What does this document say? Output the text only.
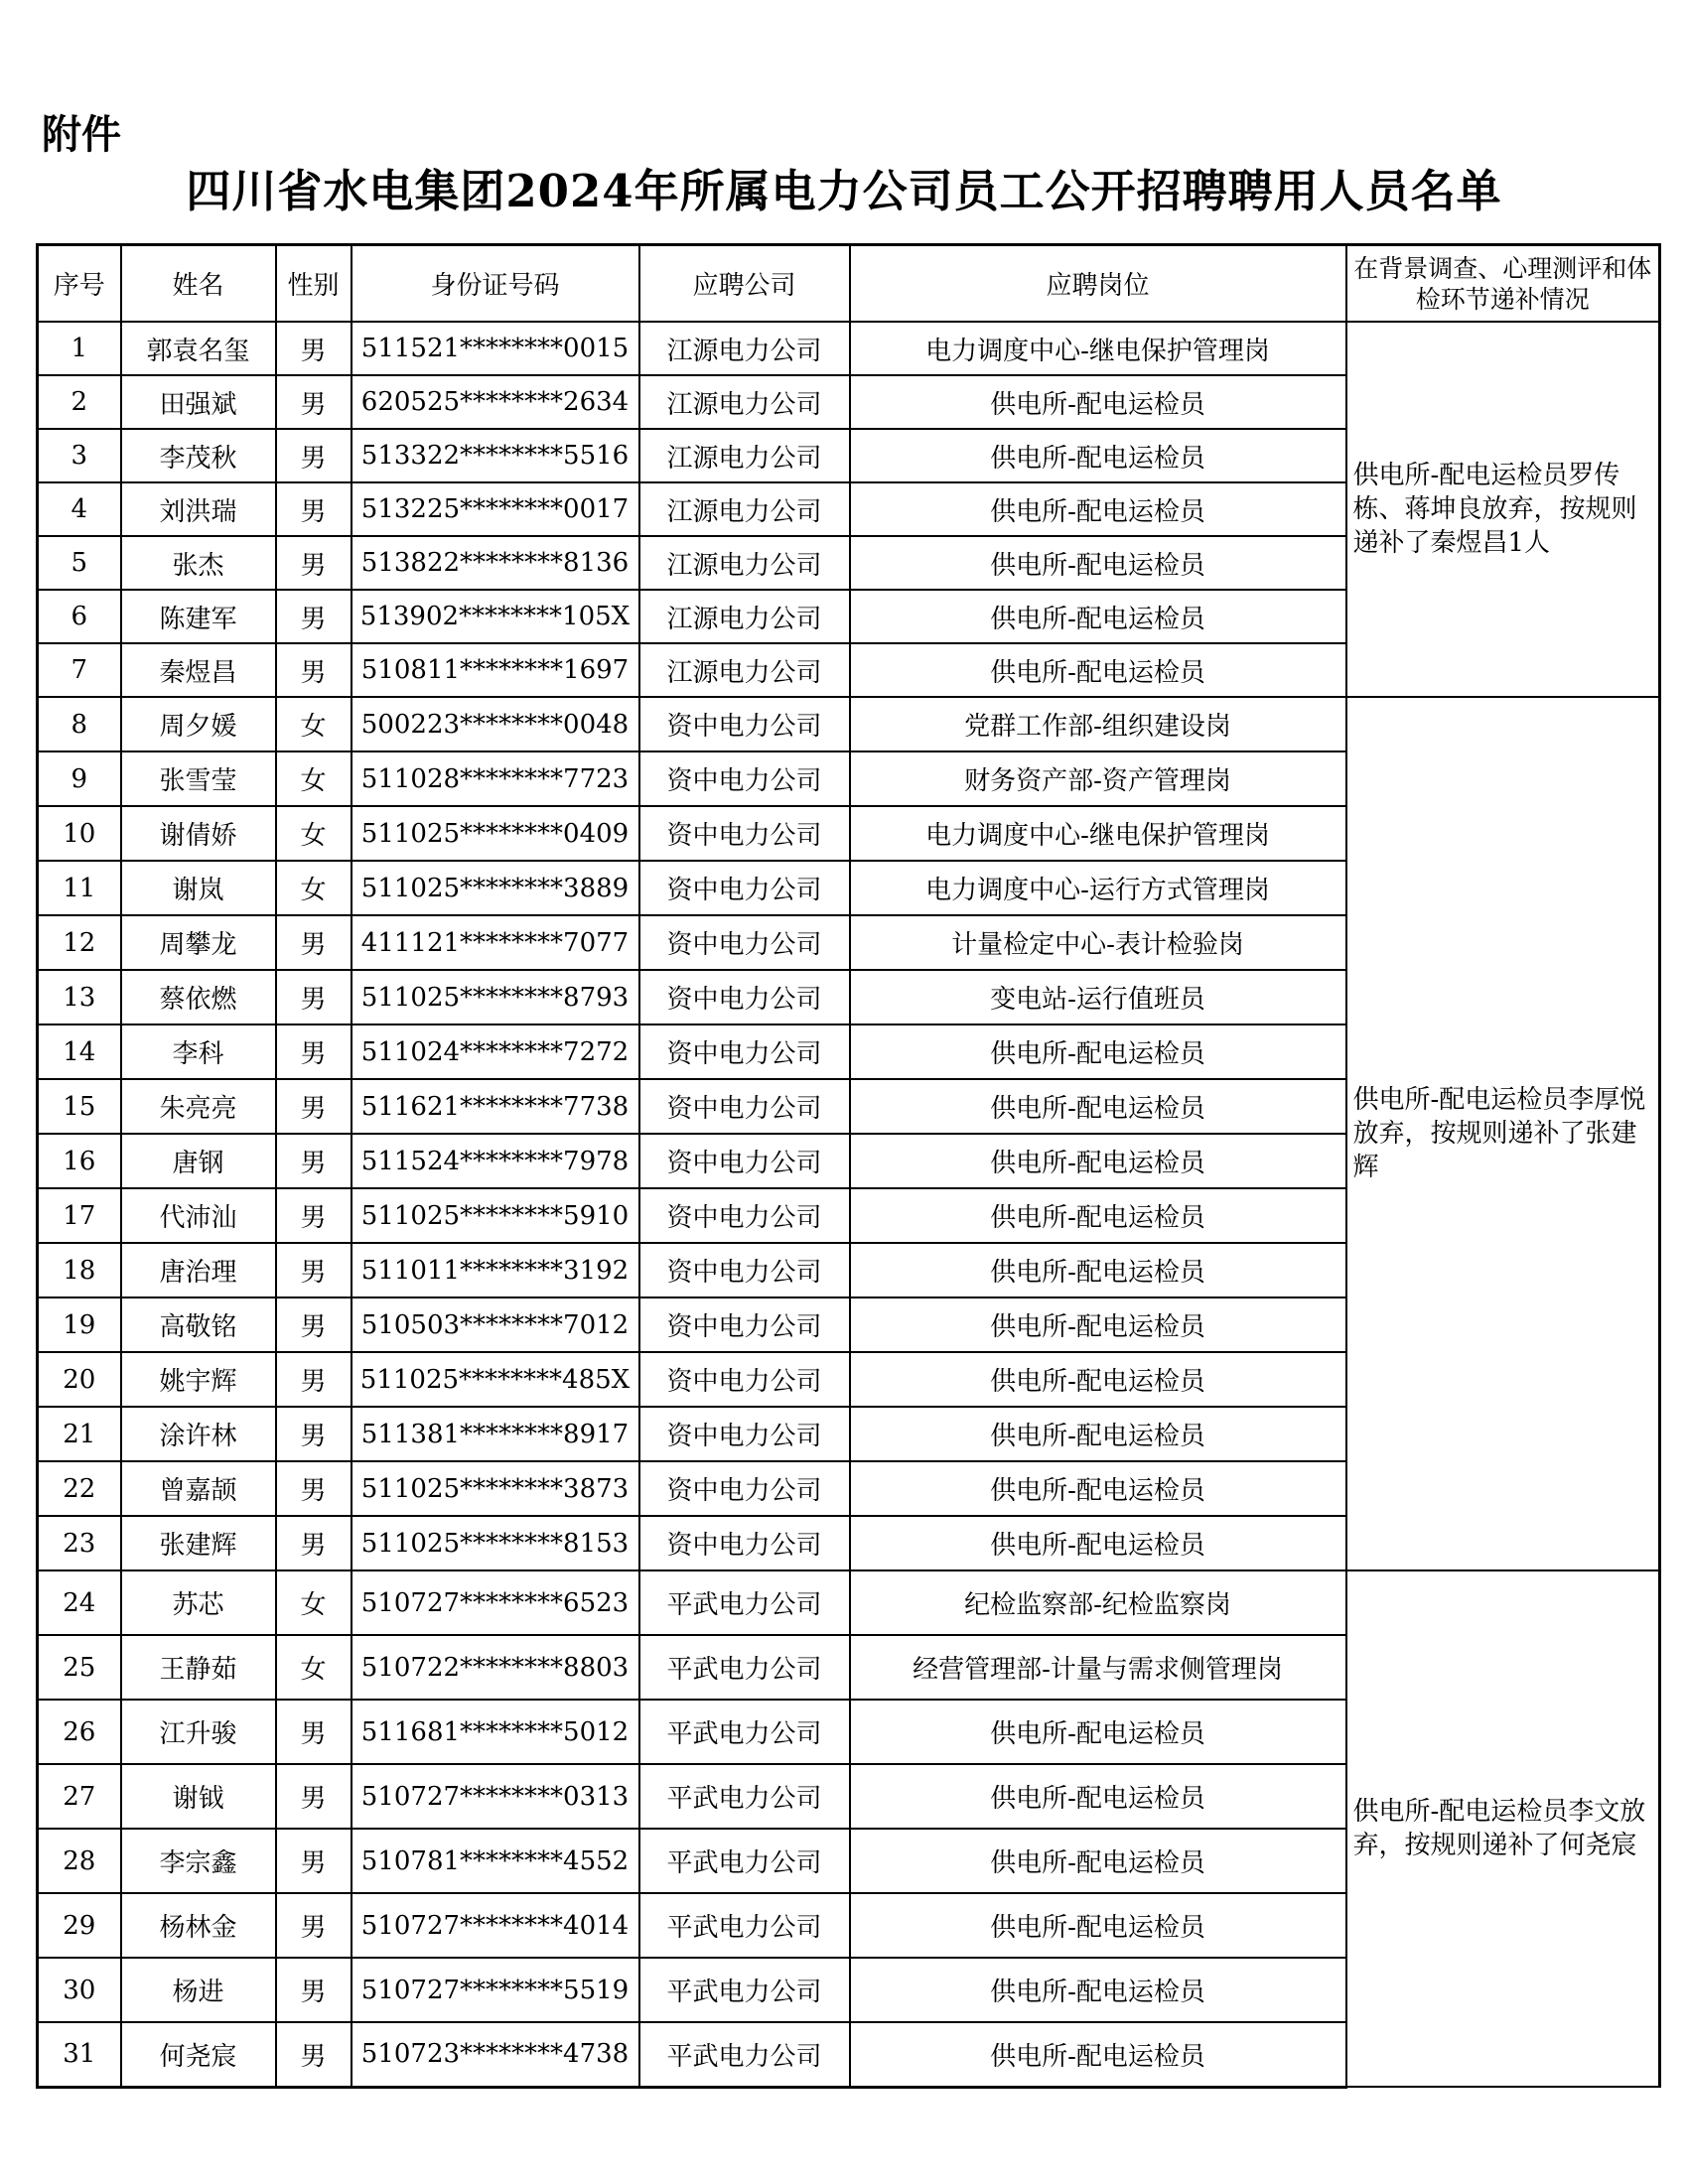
附件
四川省水电集团2024年所属电力公司员工公开招聘聘用人员名单
序号	姓名	性别	身份证号码	应聘公司	应聘岗位	在背景调查、心理测评和体检环节递补情况
1	郭袁名玺	男	511521********0015	江源电力公司	电力调度中心-继电保护管理岗	供电所-配电运检员罗传栋、蒋坤良放弃，按规则递补了秦煜昌1人
2	田强斌	男	620525********2634	江源电力公司	供电所-配电运检员	
3	李茂秋	男	513322********5516	江源电力公司	供电所-配电运检员	
4	刘洪瑞	男	513225********0017	江源电力公司	供电所-配电运检员	
5	张杰	男	513822********8136	江源电力公司	供电所-配电运检员	
6	陈建军	男	513902********105X	江源电力公司	供电所-配电运检员	
7	秦煜昌	男	510811********1697	江源电力公司	供电所-配电运检员	
8	周夕媛	女	500223********0048	资中电力公司	党群工作部-组织建设岗	供电所-配电运检员李厚悦放弃，按规则递补了张建辉
9	张雪莹	女	511028********7723	资中电力公司	财务资产部-资产管理岗	
10	谢倩娇	女	511025********0409	资中电力公司	电力调度中心-继电保护管理岗	
11	谢岚	女	511025********3889	资中电力公司	电力调度中心-运行方式管理岗	
12	周攀龙	男	411121********7077	资中电力公司	计量检定中心-表计检验岗	
13	蔡依燃	男	511025********8793	资中电力公司	变电站-运行值班员	
14	李科	男	511024********7272	资中电力公司	供电所-配电运检员	
15	朱亮亮	男	511621********7738	资中电力公司	供电所-配电运检员	
16	唐钢	男	511524********7978	资中电力公司	供电所-配电运检员	
17	代沛汕	男	511025********5910	资中电力公司	供电所-配电运检员	
18	唐治理	男	511011********3192	资中电力公司	供电所-配电运检员	
19	高敬铭	男	510503********7012	资中电力公司	供电所-配电运检员	
20	姚宇辉	男	511025********485X	资中电力公司	供电所-配电运检员	
21	涂许林	男	511381********8917	资中电力公司	供电所-配电运检员	
22	曾嘉颉	男	511025********3873	资中电力公司	供电所-配电运检员	
23	张建辉	男	511025********8153	资中电力公司	供电所-配电运检员	
24	苏芯	女	510727********6523	平武电力公司	纪检监察部-纪检监察岗	供电所-配电运检员李文放弃，按规则递补了何尧宸
25	王静茹	女	510722********8803	平武电力公司	经营管理部-计量与需求侧管理岗	
26	江升骏	男	511681********5012	平武电力公司	供电所-配电运检员	
27	谢钺	男	510727********0313	平武电力公司	供电所-配电运检员	
28	李宗鑫	男	510781********4552	平武电力公司	供电所-配电运检员	
29	杨林金	男	510727********4014	平武电力公司	供电所-配电运检员	
30	杨进	男	510727********5519	平武电力公司	供电所-配电运检员	
31	何尧宸	男	510723********4738	平武电力公司	供电所-配电运检员	
